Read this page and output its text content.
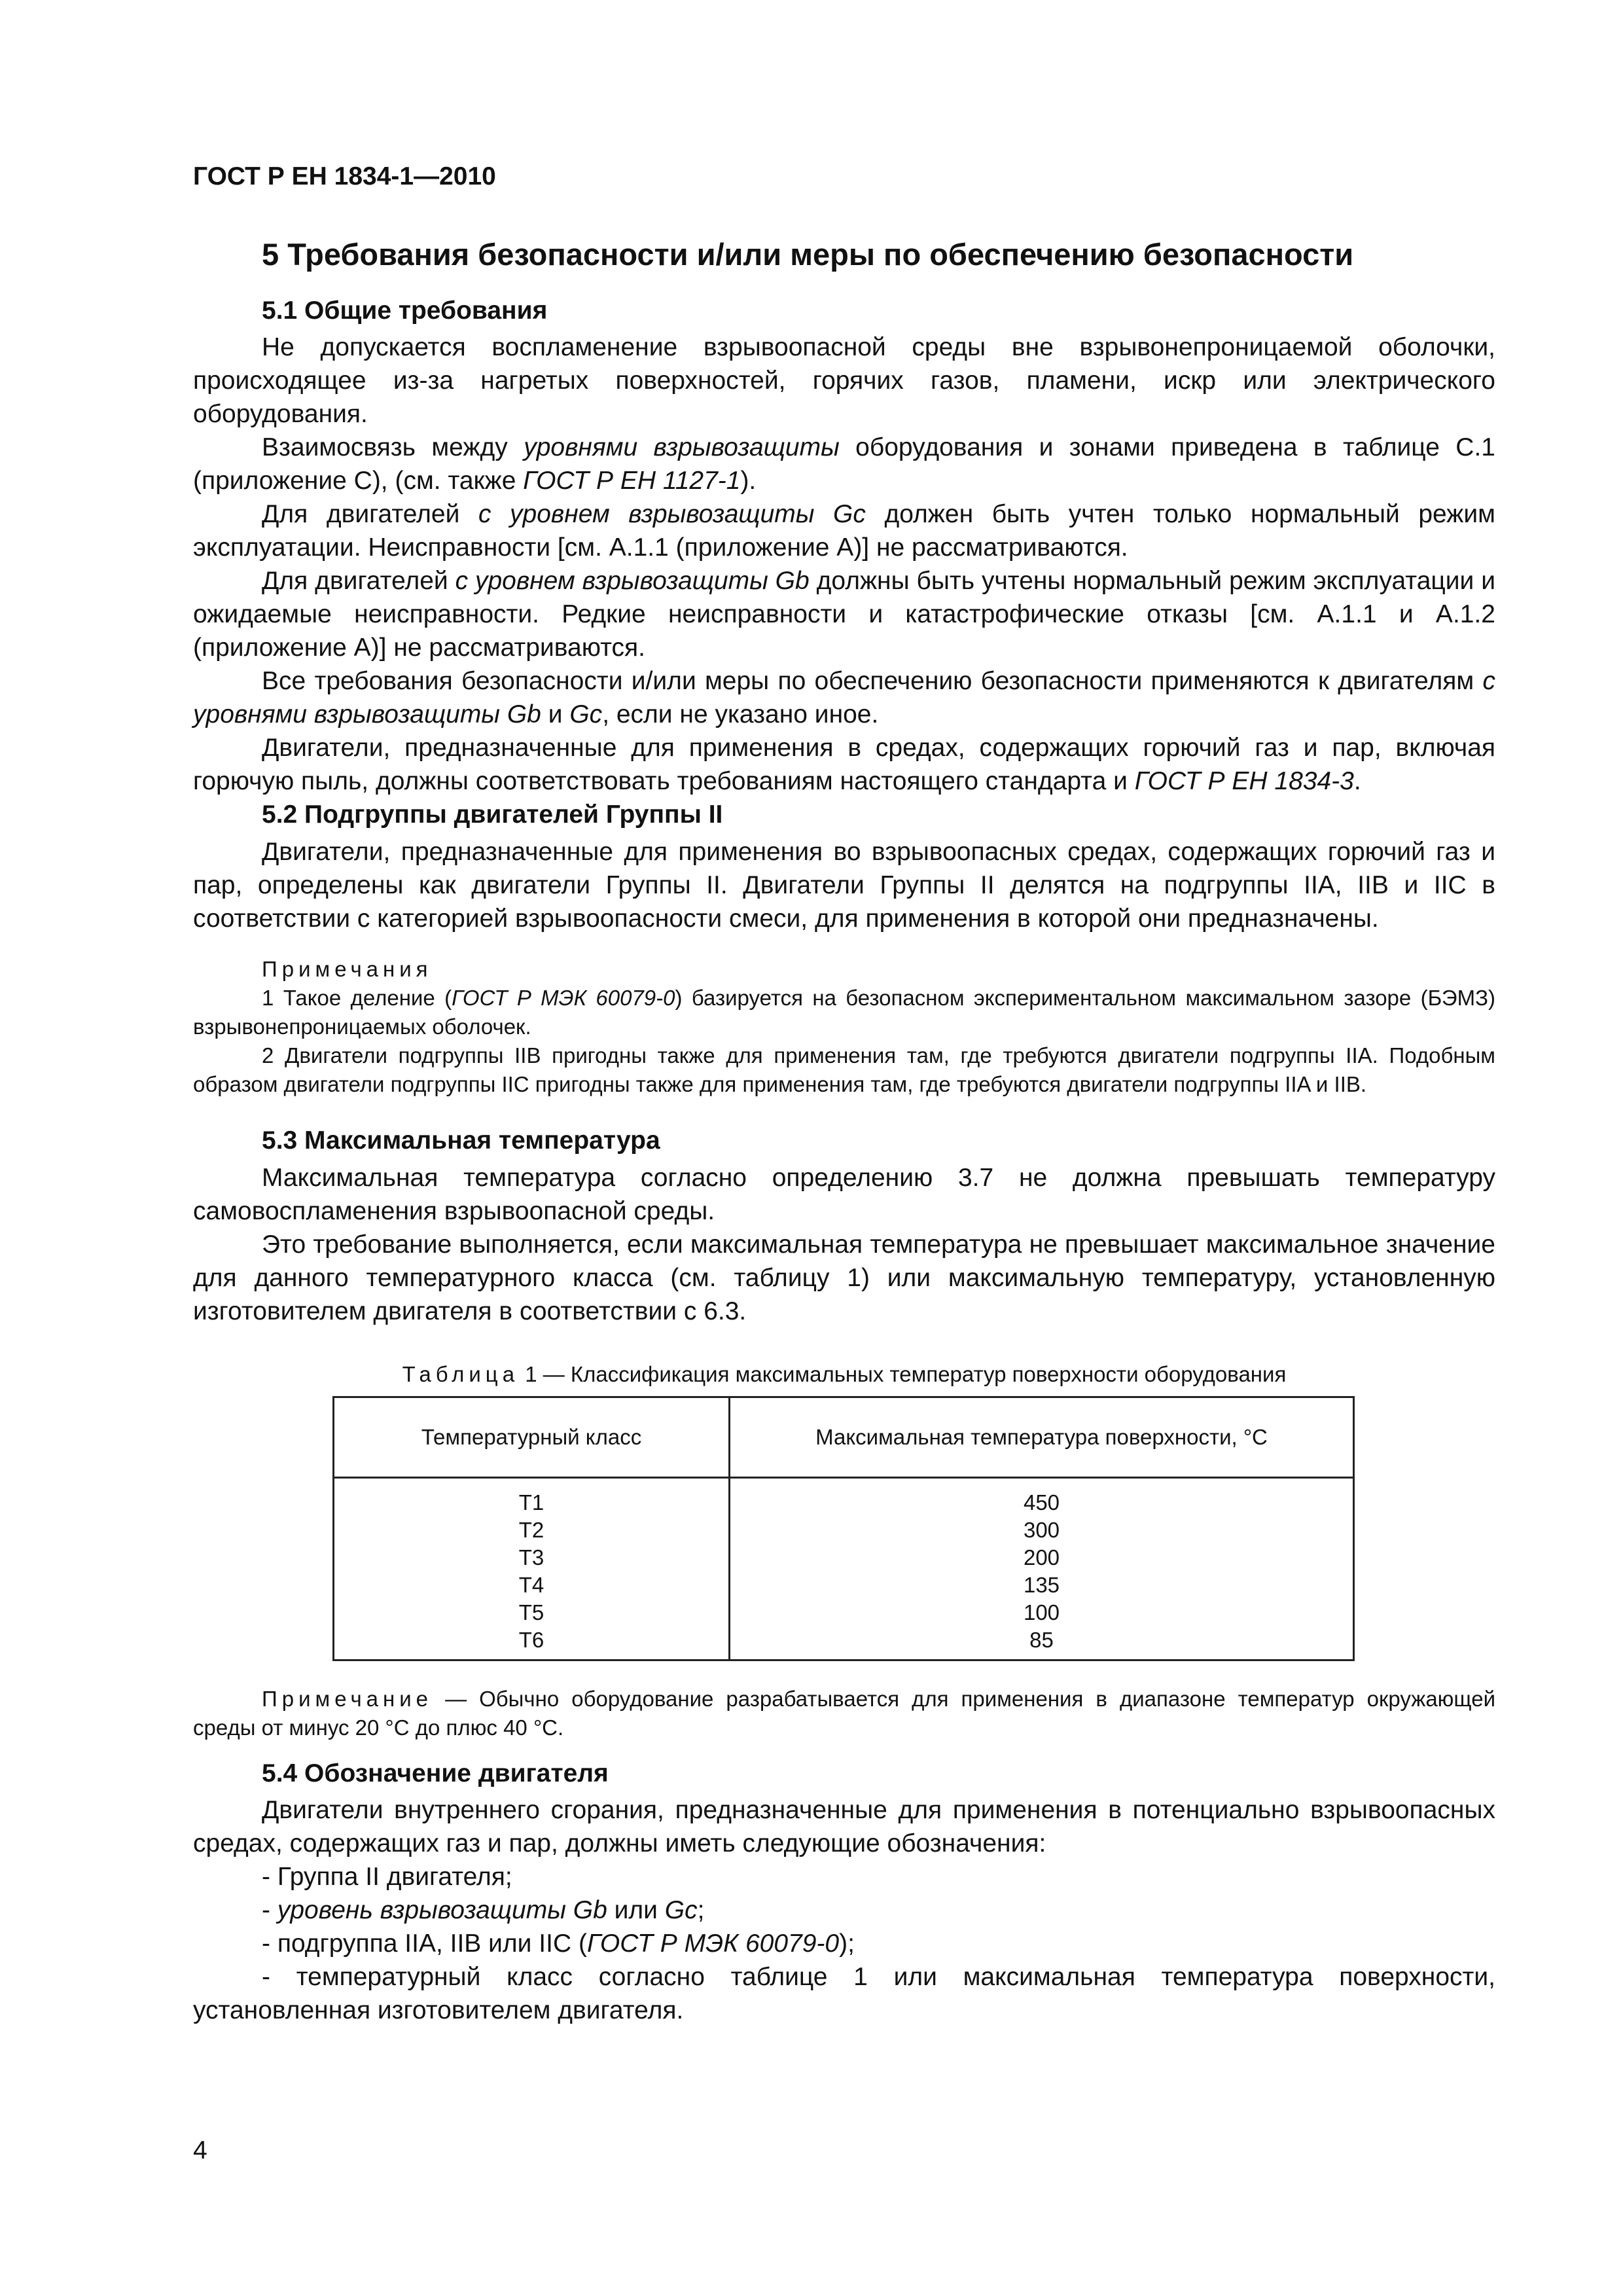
ГОСТ Р ЕН 1834-1—2010
5 Требования безопасности и/или меры по обеспечению безопасности
5.1 Общие требования

Не допускается воспламенение взрывоопасной среды вне взрывонепроницаемой оболочки, происходящее из-за нагретых поверхностей, горячих газов, пламени, искр или электрического оборудования.

Взаимосвязь между уровнями взрывозащиты оборудования и зонами приведена в таблице С.1 (приложение С), (см. также ГОСТ Р ЕН 1127-1).

Для двигателей с уровнем взрывозащиты Gc должен быть учтен только нормальный режим эксплуатации. Неисправности [см. А.1.1 (приложение А)] не рассматриваются.

Для двигателей с уровнем взрывозащиты Gb должны быть учтены нормальный режим эксплуатации и ожидаемые неисправности. Редкие неисправности и катастрофические отказы [см. А.1.1 и А.1.2 (приложение А)] не рассматриваются.

Все требования безопасности и/или меры по обеспечению безопасности применяются к двигателям с уровнями взрывозащиты Gb и Gc, если не указано иное.

Двигатели, предназначенные для применения в средах, содержащих горючий газ и пар, включая горючую пыль, должны соответствовать требованиям настоящего стандарта и ГОСТ Р ЕН 1834-3.

5.2 Подгруппы двигателей Группы II

Двигатели, предназначенные для применения во взрывоопасных средах, содержащих горючий газ и пар, определены как двигатели Группы II. Двигатели Группы II делятся на подгруппы IIA, IIB и IIC в соответствии с категорией взрывоопасности смеси, для применения в которой они предназначены.

Примечания
1 Такое деление (ГОСТ Р МЭК 60079-0) базируется на безопасном экспериментальном максимальном зазоре (БЭМЗ) взрывонепроницаемых оболочек.
2 Двигатели подгруппы IIB пригодны также для применения там, где требуются двигатели подгруппы IIA. Подобным образом двигатели подгруппы IIC пригодны также для применения там, где требуются двигатели подгруппы IIA и IIB.
5.3 Максимальная температура

Максимальная температура согласно определению 3.7 не должна превышать температуру самовоспламенения взрывоопасной среды.

Это требование выполняется, если максимальная температура не превышает максимальное значение для данного температурного класса (см. таблицу 1) или максимальную температуру, установленную изготовителем двигателя в соответствии с 6.3.

Таблица 1 — Классификация максимальных температур поверхности оборудования
Температурный класс	Максимальная температура поверхности, °С
Т1	450
Т2	300
Т3	200
Т4	135
Т5	100
Т6	85
Примечание — Обычно оборудование разрабатывается для применения в диапазоне температур окружающей среды от минус 20 °С до плюс 40 °С.
5.4 Обозначение двигателя

Двигатели внутреннего сгорания, предназначенные для применения в потенциально взрывоопасных средах, содержащих газ и пар, должны иметь следующие обозначения:

- Группа II двигателя;
- уровень взрывозащиты Gb или Gc;
- подгруппа IIA, IIB или IIC (ГОСТ Р МЭК 60079-0);
- температурный класс согласно таблице 1 или максимальная температура поверхности, установленная изготовителем двигателя.
4
